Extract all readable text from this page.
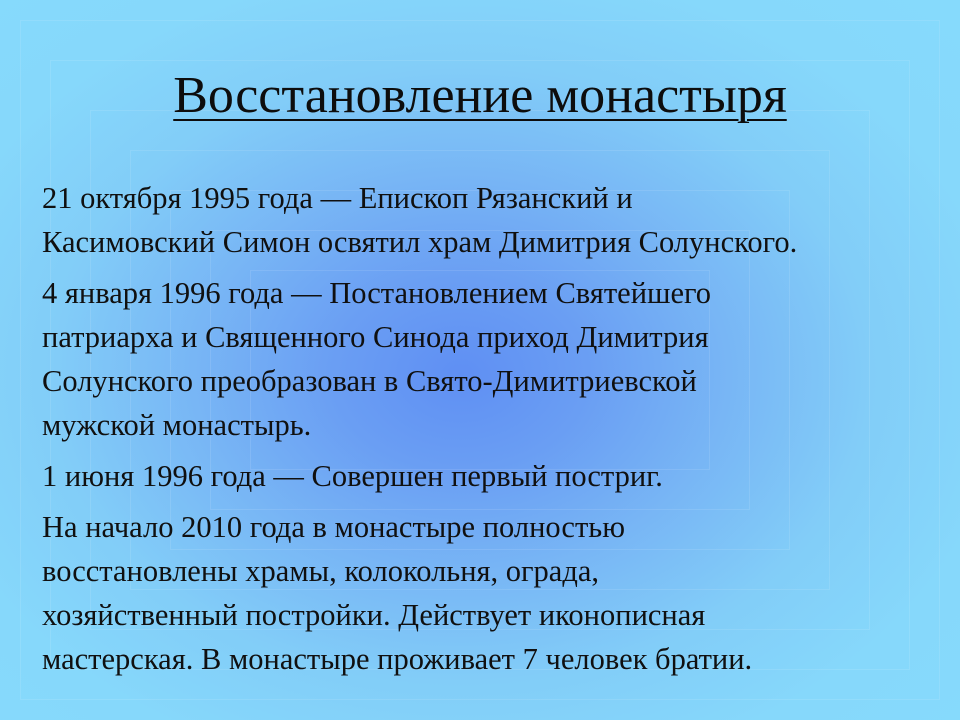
Восстановление монастыря

21 октября 1995 года — Епископ Рязанский и
Касимовский Симон освятил храм Димитрия Солунского.

4 января 1996 года — Постановлением Святейшего
патриарха и Священного Синода приход Димитрия
Солунского преобразован в Свято-Димитриевской
мужской монастырь.

1 июня 1996 года — Совершен первый постриг.

На начало 2010 года в монастыре полностью
восстановлены храмы, колокольня, ограда,
хозяйственный постройки. Действует иконописная
мастерская. В монастыре проживает 7 человек братии.
